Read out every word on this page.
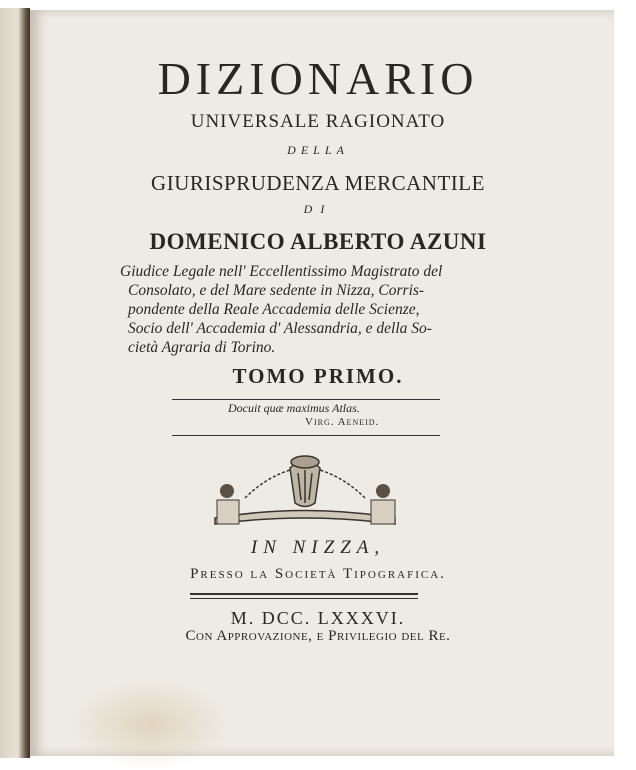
DIZIONARIO
UNIVERSALE RAGIONATO
DELLA
GIURISPRUDENZA MERCANTILE
DI
DOMENICO ALBERTO AZUNI
Giudice Legale nell' Eccellentissimo Magistrato del
Consolato, e del Mare sedente in Nizza, Corris-
pondente della Reale Accademia delle Scienze,
Socio dell' Accademia d' Alessandria, e della So-
cietà Agraria di Torino.
TOMO PRIMO.
Docuit quæ maximus Atlas.
Virg. Aeneid.
IN NIZZA,
Presso la Società Tipografica.
M. DCC. LXXXVI.
Con Approvazione, e Privilegio del Re.
